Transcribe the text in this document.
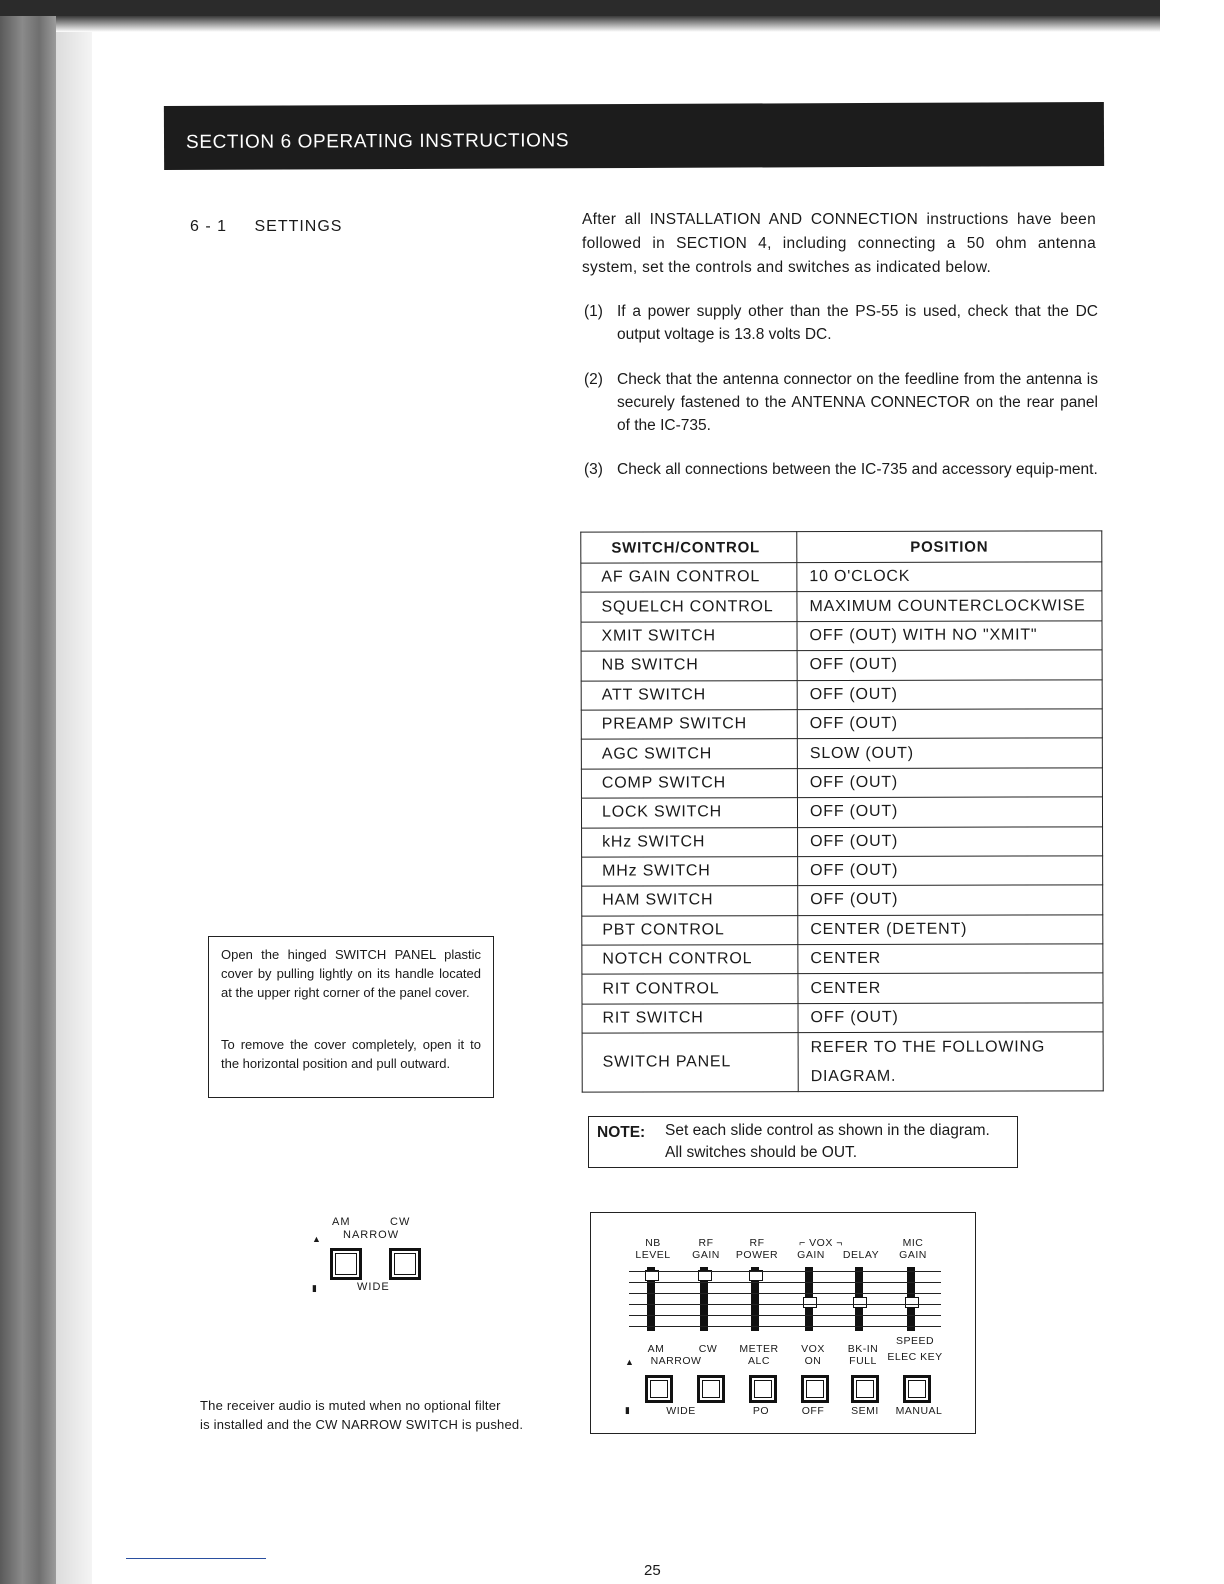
SECTION 6 OPERATING INSTRUCTIONS
6 - 1 SETTINGS	After all INSTALLATION AND CONNECTION instructions have been followed in SECTION 4, including connecting a 50 ohm antenna system, set the controls and switches as indicated below.
(1) If a power supply other than the PS-55 is used, check that the DC output voltage is 13.8 volts DC.
(2) Check that the antenna connector on the feedline from the antenna is securely fastened to the ANTENNA CONNECTOR on the rear panel of the IC-735.
(3) Check all connections between the IC-735 and accessory equip-ment.
SWITCH/CONTROL	POSITION
AF GAIN CONTROL	10 O'CLOCK
SQUELCH CONTROL	MAXIMUM COUNTERCLOCKWISE
XMIT SWITCH	OFF (OUT) WITH NO "XMIT"
NB SWITCH	OFF (OUT)
ATT SWITCH	OFF (OUT)
PREAMP SWITCH	OFF (OUT)
AGC SWITCH	SLOW (OUT)
COMP SWITCH	OFF (OUT)
LOCK SWITCH	OFF (OUT)
kHz SWITCH	OFF (OUT)
MHz SWITCH	OFF (OUT)
HAM SWITCH	OFF (OUT)
PBT CONTROL	CENTER (DETENT)
NOTCH CONTROL	CENTER
RIT CONTROL	CENTER
RIT SWITCH	OFF (OUT)
SWITCH PANEL	REFER TO THE FOLLOWING
DIAGRAM.
NOTE: Set each slide control as shown in the diagram.
All switches should be OUT.

Open the hinged SWITCH PANEL plastic cover by pulling lightly on its handle located at the upper right corner of the panel cover.

To remove the cover completely, open it to the horizontal position and pull outward.

AM	CW
▲ NARROW
▮	WIDE
The receiver audio is muted when no optional filter
is installed and the CW NARROW SWITCH is pushed.
⌐ VOX ¬
NB
LEVEL
RF
GAIN
RF
POWER	GAIN	DELAY
MIC
GAIN
AM	CW
▲	NARROW
METER
ALC
VOX
ON
BK-IN
FULL
SPEED
ELEC KEY
▮	WIDE	PO	OFF	SEMI	MANUAL
25
